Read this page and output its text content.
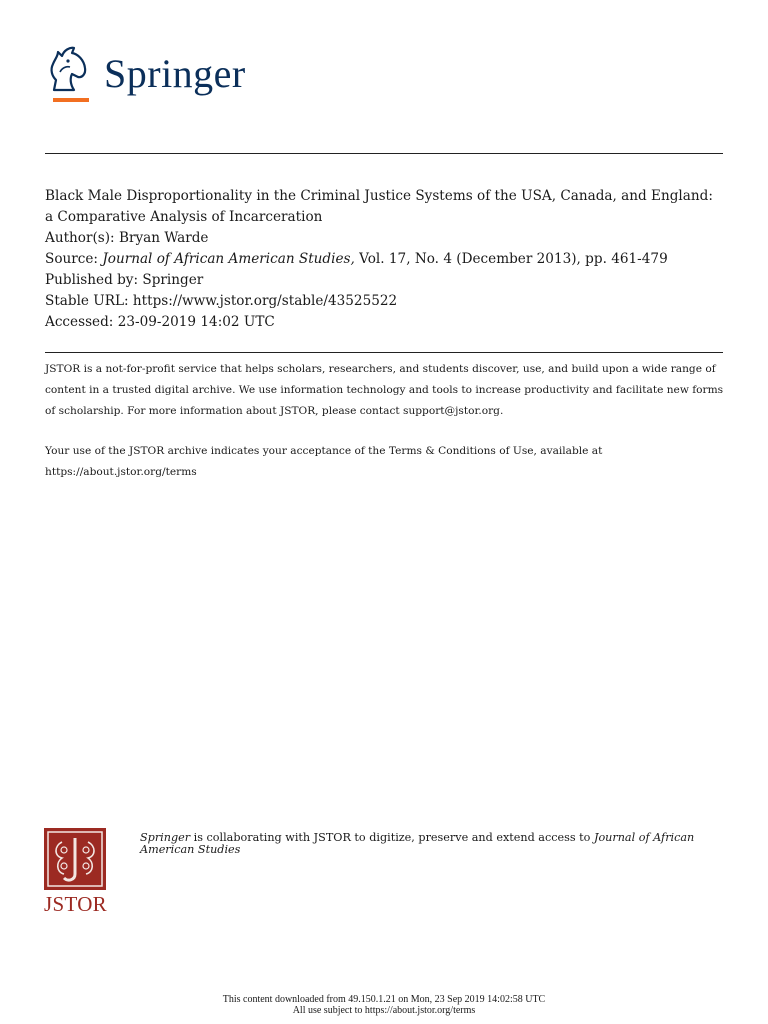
Springer
Black Male Disproportionality in the Criminal Justice Systems of the USA, Canada, and England: a Comparative Analysis of Incarceration
Author(s): Bryan Warde
Source: Journal of African American Studies, Vol. 17, No. 4 (December 2013), pp. 461-479
Published by: Springer
Stable URL: https://www.jstor.org/stable/43525522
Accessed: 23-09-2019 14:02 UTC
JSTOR is a not-for-profit service that helps scholars, researchers, and students discover, use, and build upon a wide range of content in a trusted digital archive. We use information technology and tools to increase productivity and facilitate new forms of scholarship. For more information about JSTOR, please contact support@jstor.org.
Your use of the JSTOR archive indicates your acceptance of the Terms & Conditions of Use, available at https://about.jstor.org/terms
JSTOR
Springer is collaborating with JSTOR to digitize, preserve and extend access to Journal of African American Studies
This content downloaded from 49.150.1.21 on Mon, 23 Sep 2019 14:02:58 UTC
All use subject to https://about.jstor.org/terms
